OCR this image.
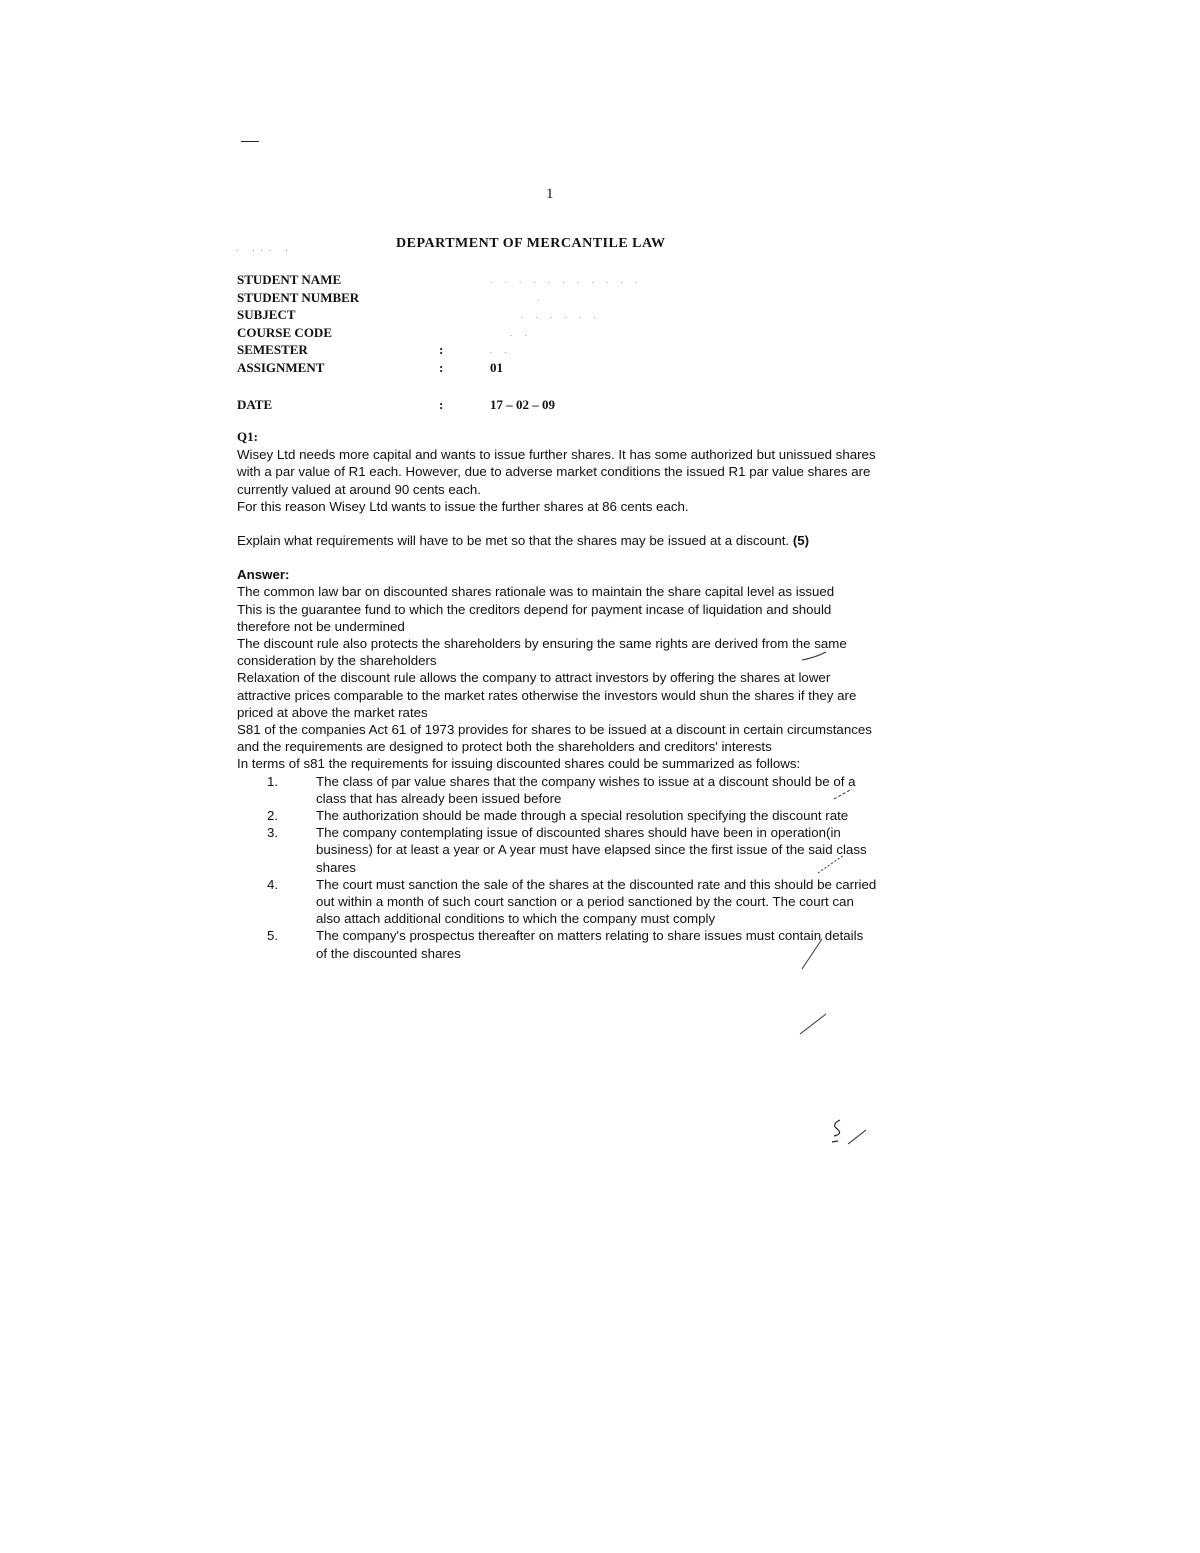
1
. ... .	DEPARTMENT OF MERCANTILE LAW
STUDENT NAME	. . . . . . . . . . .
STUDENT NUMBER	.
SUBJECT	. . . . . .
COURSE CODE	. .
SEMESTER	:	. .
ASSIGNMENT	:	01
DATE	:	17 – 02 – 09

Q1:

Wisey Ltd needs more capital and wants to issue further shares. It has some authorized but unissued shares with a par value of R1 each. However, due to adverse market conditions the issued R1 par value shares are currently valued at around 90 cents each.

For this reason Wisey Ltd wants to issue the further shares at 86 cents each.

Explain what requirements will have to be met so that the shares may be issued at a discount. (5)

Answer:

The common law bar on discounted shares rationale was to maintain the share capital level as issued

This is the guarantee fund to which the creditors depend for payment incase of liquidation and should therefore not be undermined

The discount rule also protects the shareholders by ensuring the same rights are derived from the same consideration by the shareholders

Relaxation of the discount rule allows the company to attract investors by offering the shares at lower attractive prices comparable to the market rates otherwise the investors would shun the shares if they are priced at above the market rates

S81 of the companies Act 61 of 1973 provides for shares to be issued at a discount in certain circumstances and the requirements are designed to protect both the shareholders and creditors' interests

In terms of s81 the requirements for issuing discounted shares could be summarized as follows:

1.	The class of par value shares that the company wishes to issue at a discount should be of a class that has already been issued before
2.	The authorization should be made through a special resolution specifying the discount rate
3.	The company contemplating issue of discounted shares should have been in operation(in business) for at least a year or A year must have elapsed since the first issue of the said class shares
4.	The court must sanction the sale of the shares at the discounted rate and this should be carried out within a month of such court sanction or a period sanctioned by the court. The court can also attach additional conditions to which the company must comply
5.	The company's prospectus thereafter on matters relating to share issues must contain details of the discounted shares
